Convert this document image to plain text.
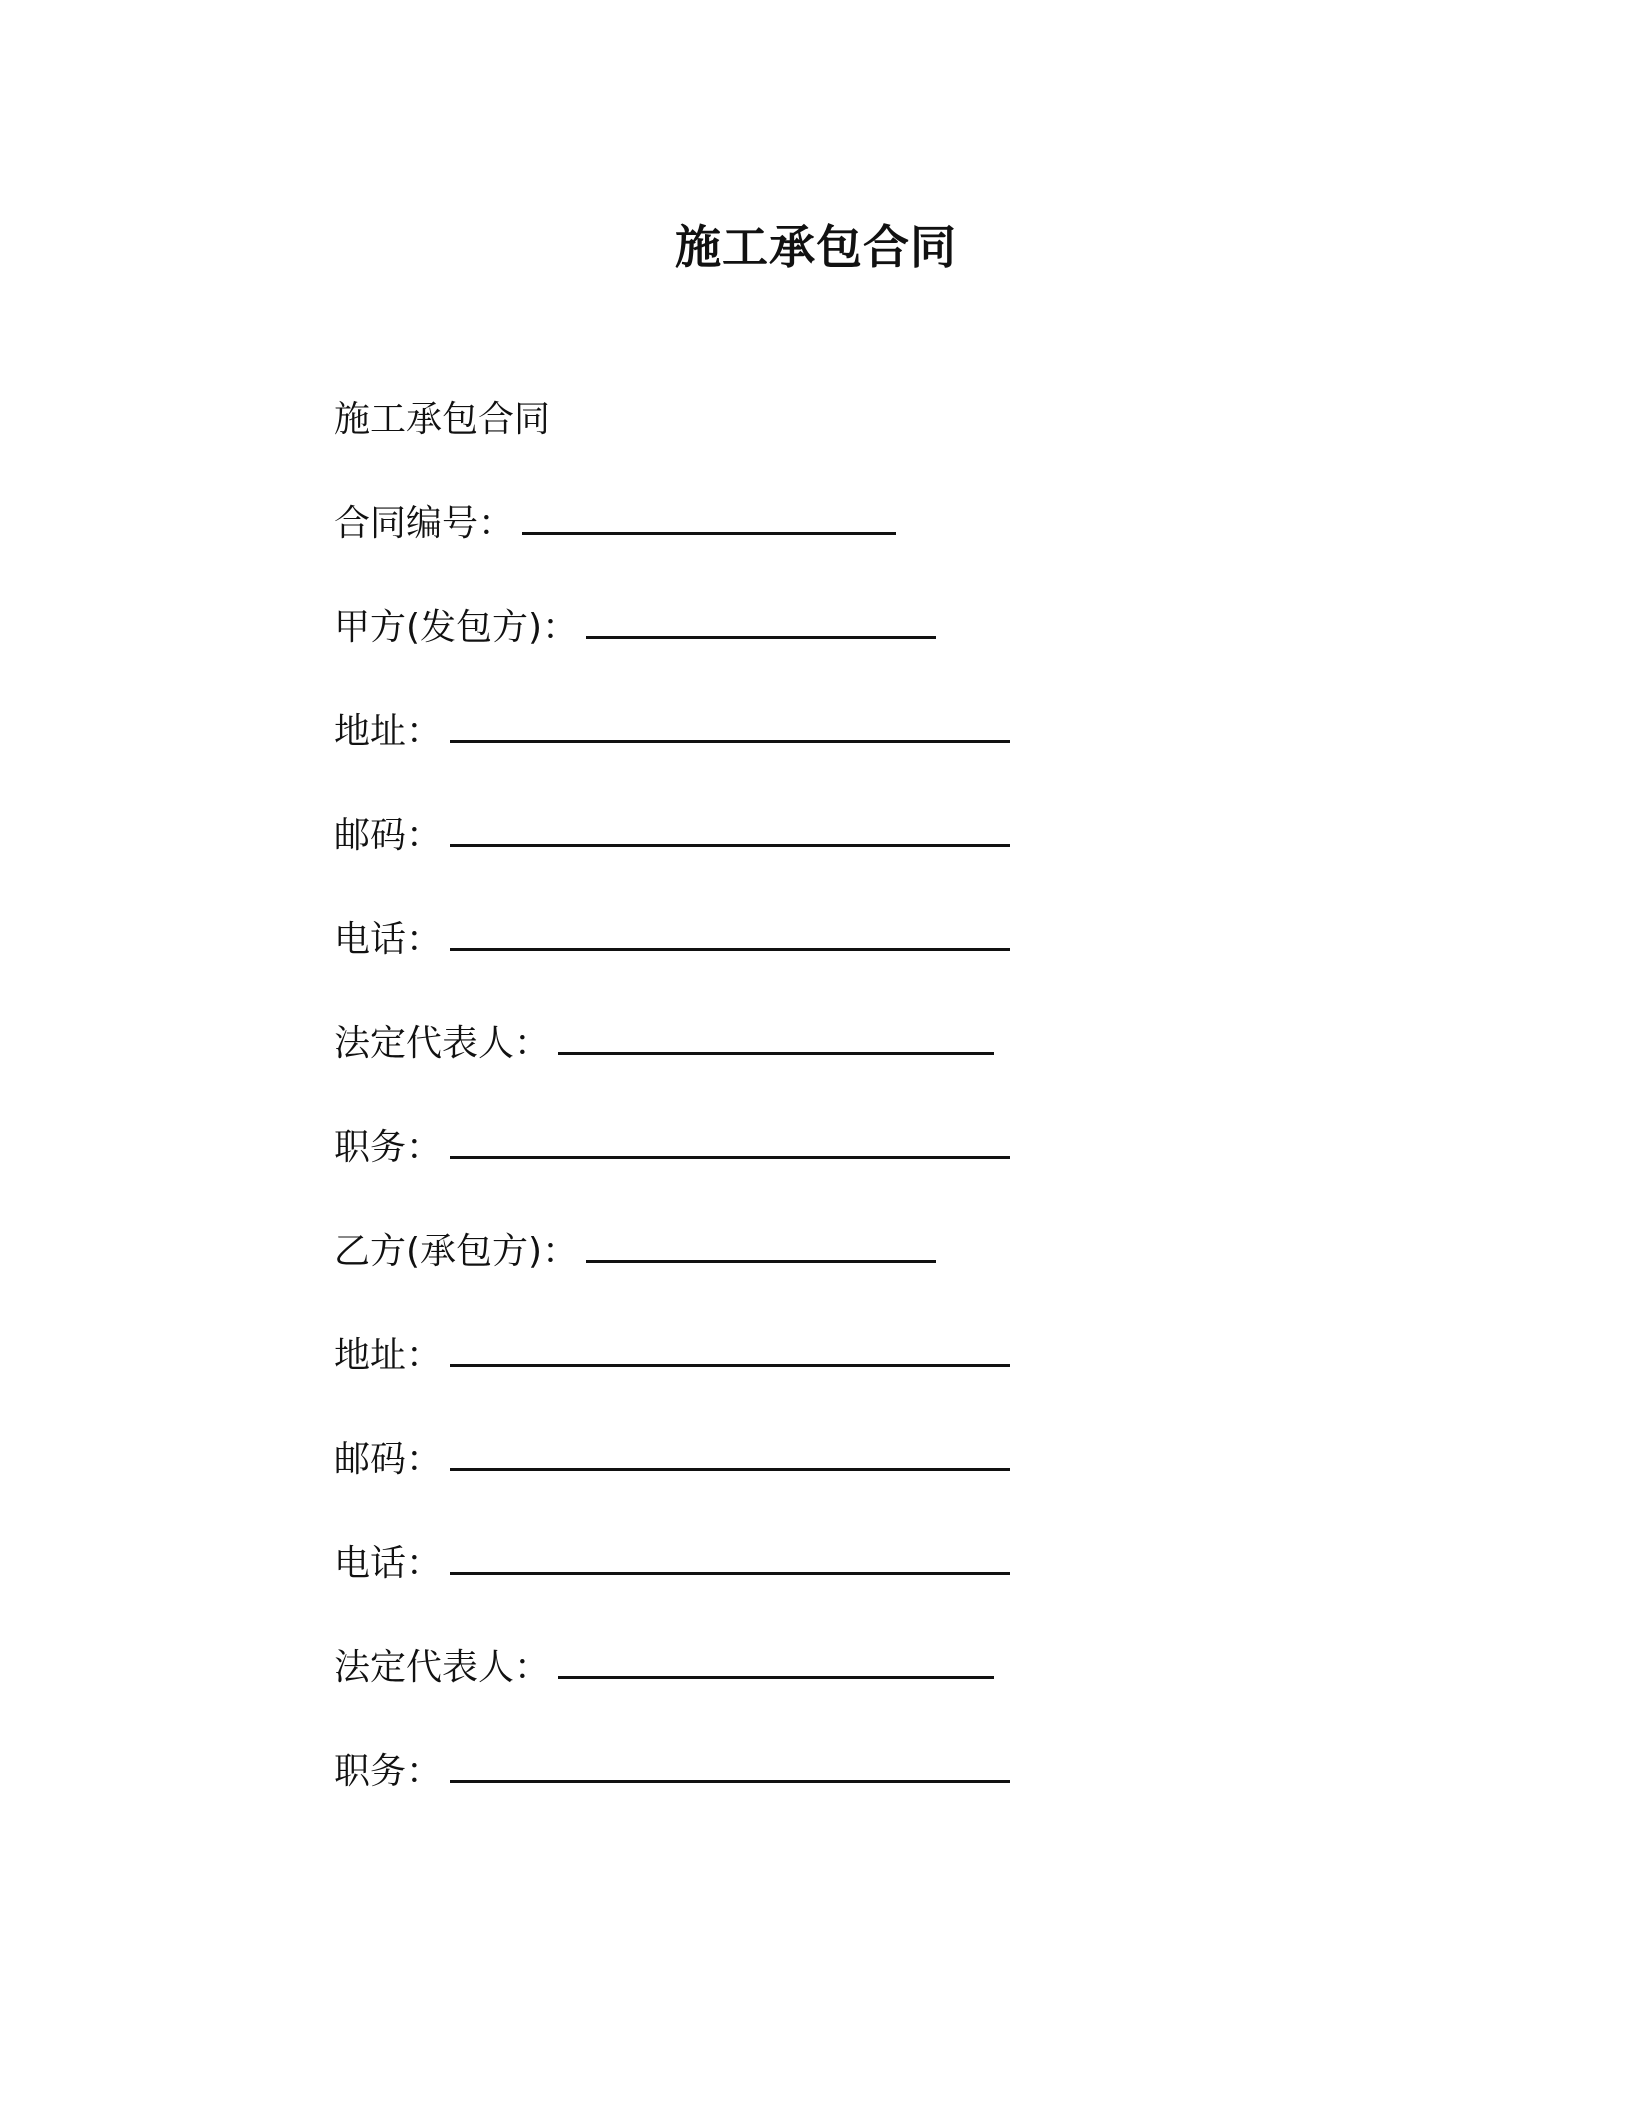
施工承包合同
施工承包合同
合同编号：
甲方(发包方)：
地址：
邮码：
电话：
法定代表人：
职务：
乙方(承包方)：
地址：
邮码：
电话：
法定代表人：
职务：
